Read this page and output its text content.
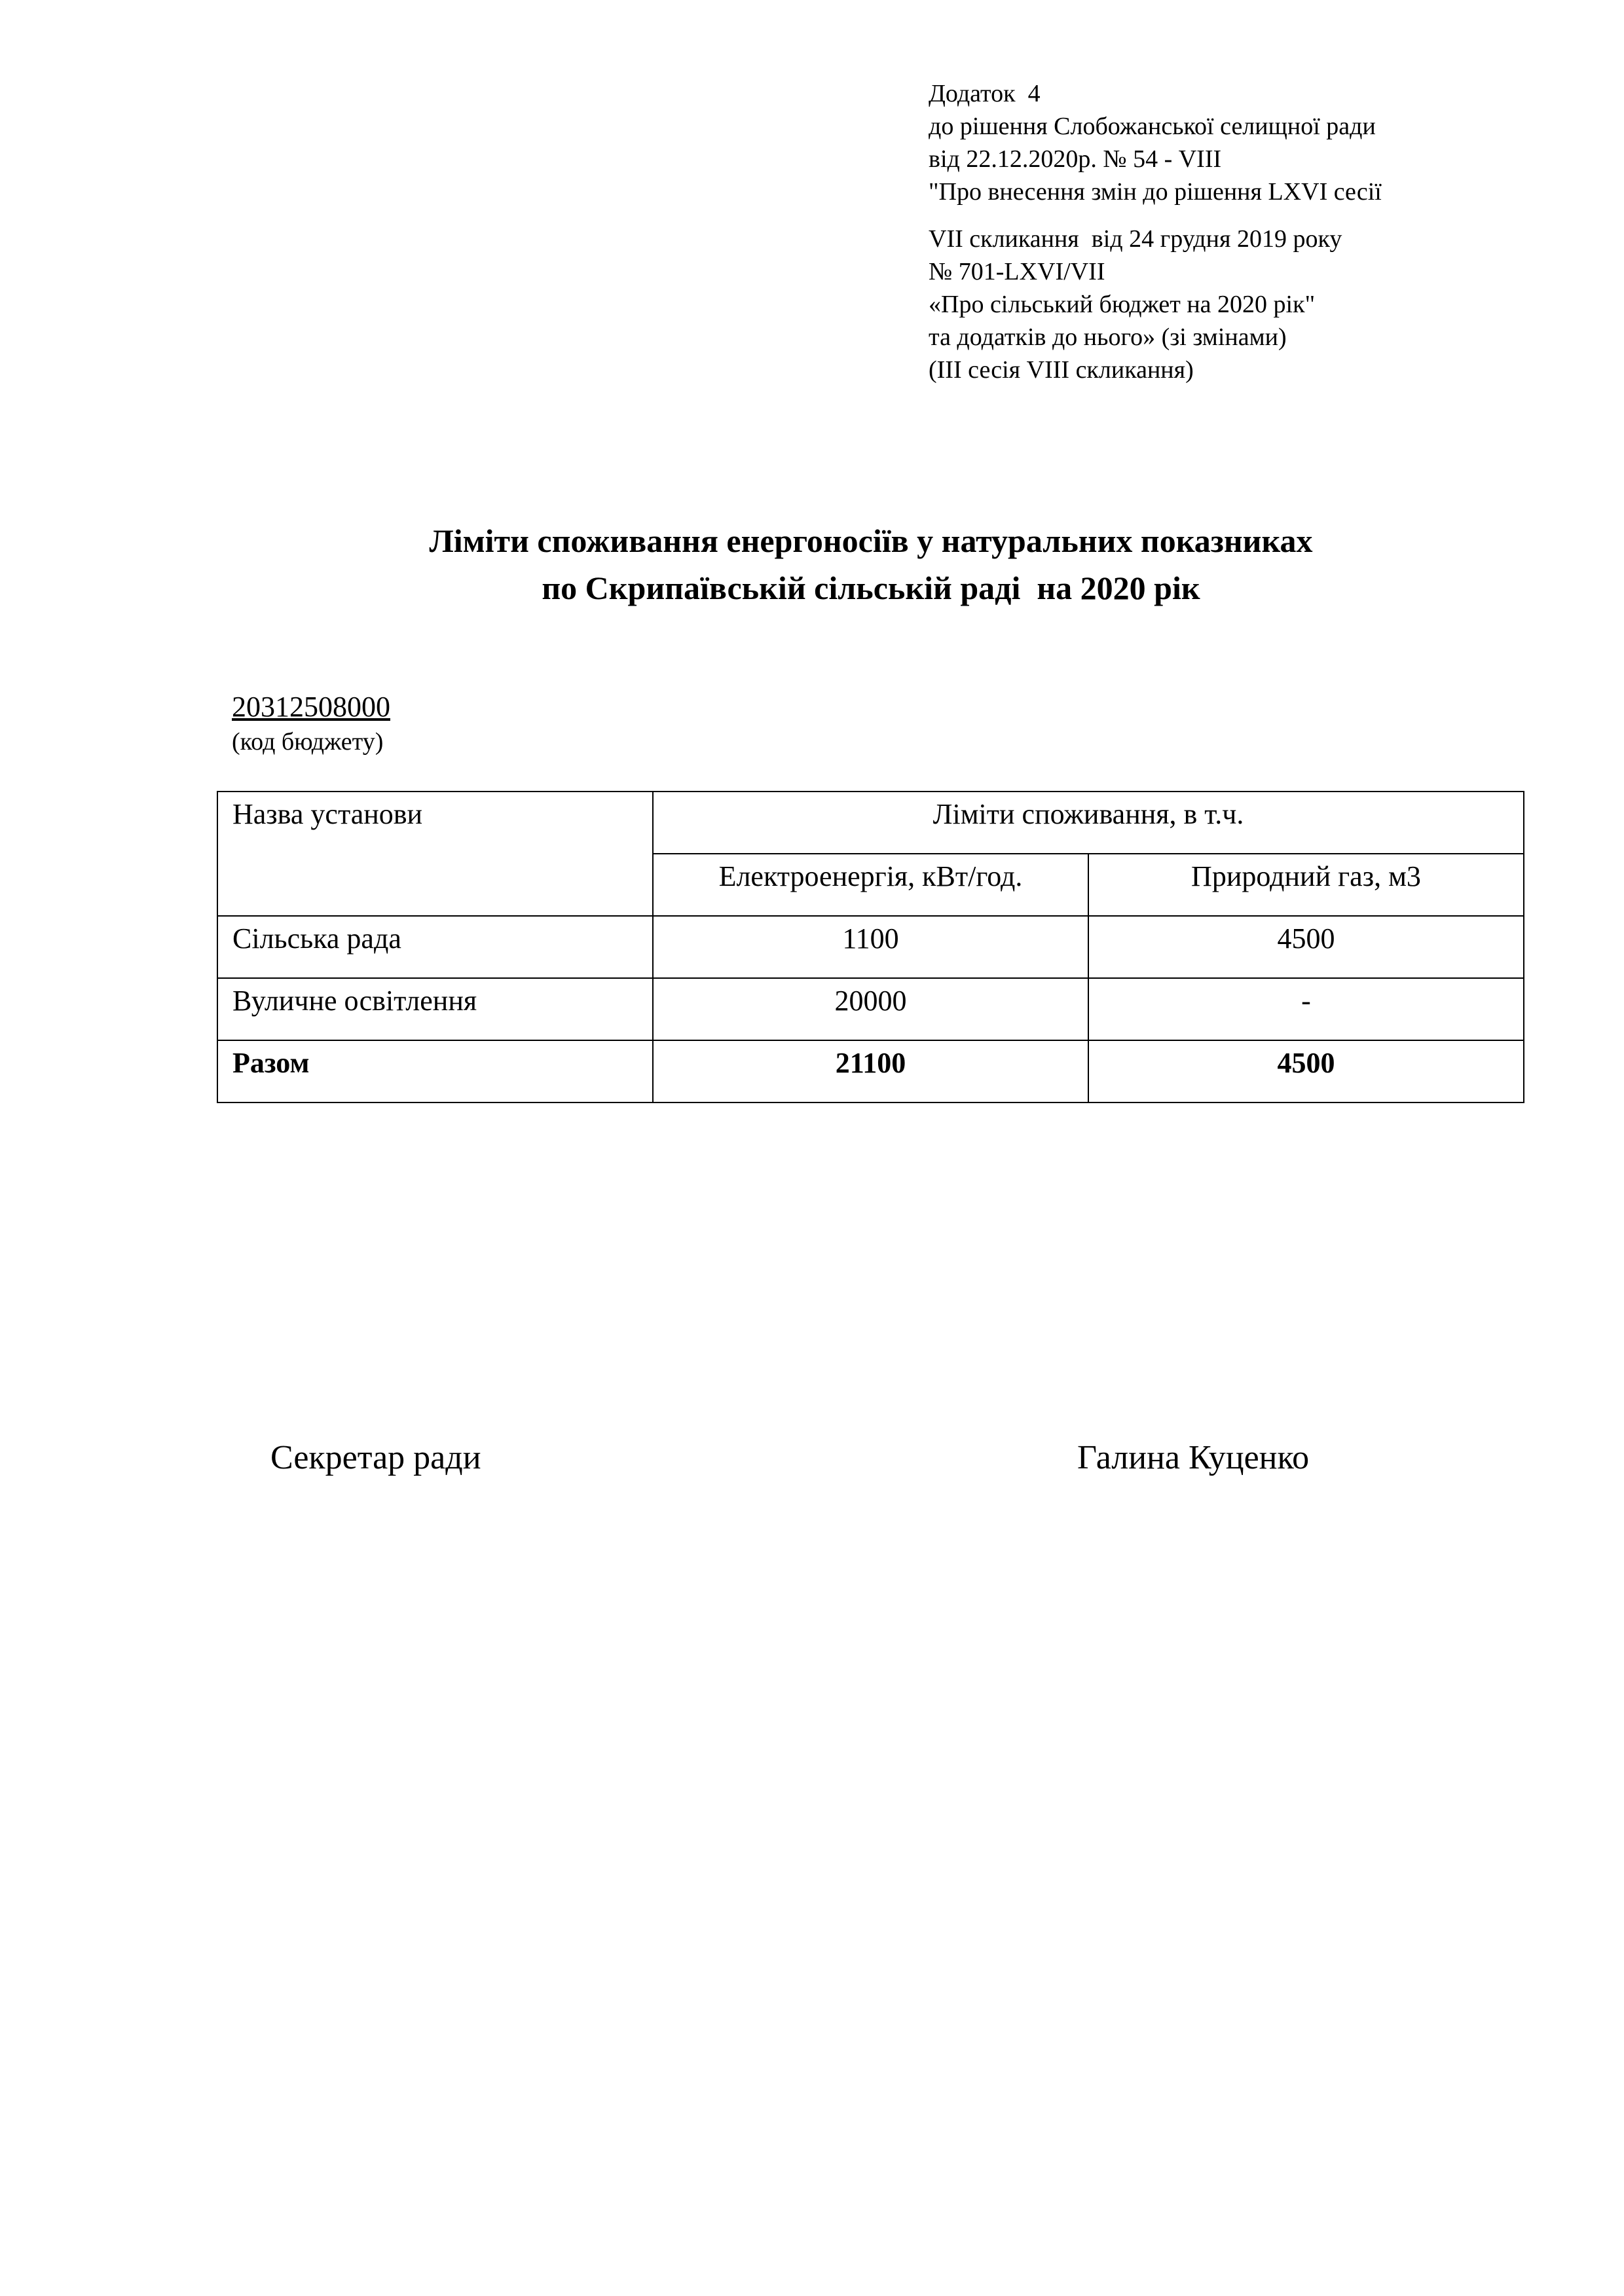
Додаток  4
до рішення Слобожанської селищної ради
від 22.12.2020р. № 54 - VIII
"Про внесення змін до рішення LXVI сесії
VII скликання  від 24 грудня 2019 року
№ 701-LXVI/VII
«Про сільський бюджет на 2020 рік"
та додатків до нього» (зі змінами)
(ІІІ сесія VIII скликання)
Ліміти споживання енергоносіїв у натуральних показниках
по Скрипаївській сільській раді  на 2020 рік
20312508000
(код бюджету)
Назва установи	Ліміти споживання, в т.ч.	
	Електроенергія, кВт/год.	Природний газ, м3
Сільська рада	1100	4500
Вуличне освітлення	20000	-
Разом	21100	4500
Секретар ради	Галина Куценко
